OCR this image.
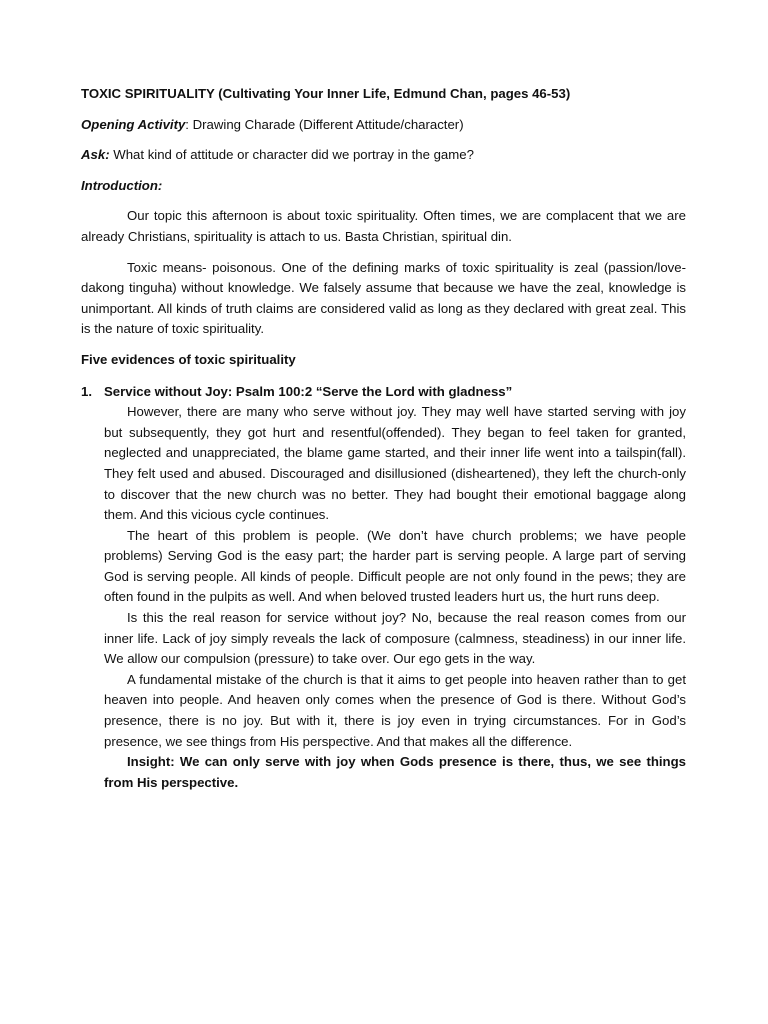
TOXIC SPIRITUALITY (Cultivating Your Inner Life, Edmund Chan, pages 46-53)
Opening Activity: Drawing Charade (Different Attitude/character)
Ask: What kind of attitude or character did we portray in the game?
Introduction:

Our topic this afternoon is about toxic spirituality. Often times, we are complacent that we are already Christians, spirituality is attach to us. Basta Christian, spiritual din.

Toxic means- poisonous. One of the defining marks of toxic spirituality is zeal (passion/love- dakong tinguha) without knowledge. We falsely assume that because we have the zeal, knowledge is unimportant. All kinds of truth claims are considered valid as long as they declared with great zeal. This is the nature of toxic spirituality.

Five evidences of toxic spirituality
1. Service without Joy: Psalm 100:2 “Serve the Lord with gladness”

However, there are many who serve without joy. They may well have started serving with joy but subsequently, they got hurt and resentful(offended). They began to feel taken for granted, neglected and unappreciated, the blame game started, and their inner life went into a tailspin(fall). They felt used and abused. Discouraged and disillusioned (disheartened), they left the church-only to discover that the new church was no better. They had bought their emotional baggage along them. And this vicious cycle continues.

The heart of this problem is people. (We don’t have church problems; we have people problems) Serving God is the easy part; the harder part is serving people. A large part of serving God is serving people. All kinds of people. Difficult people are not only found in the pews; they are often found in the pulpits as well. And when beloved trusted leaders hurt us, the hurt runs deep.

Is this the real reason for service without joy? No, because the real reason comes from our inner life. Lack of joy simply reveals the lack of composure (calmness, steadiness) in our inner life. We allow our compulsion (pressure) to take over. Our ego gets in the way.

A fundamental mistake of the church is that it aims to get people into heaven rather than to get heaven into people. And heaven only comes when the presence of God is there. Without God’s presence, there is no joy. But with it, there is joy even in trying circumstances. For in God’s presence, we see things from His perspective. And that makes all the difference.

Insight: We can only serve with joy when Gods presence is there, thus, we see things from His perspective.
